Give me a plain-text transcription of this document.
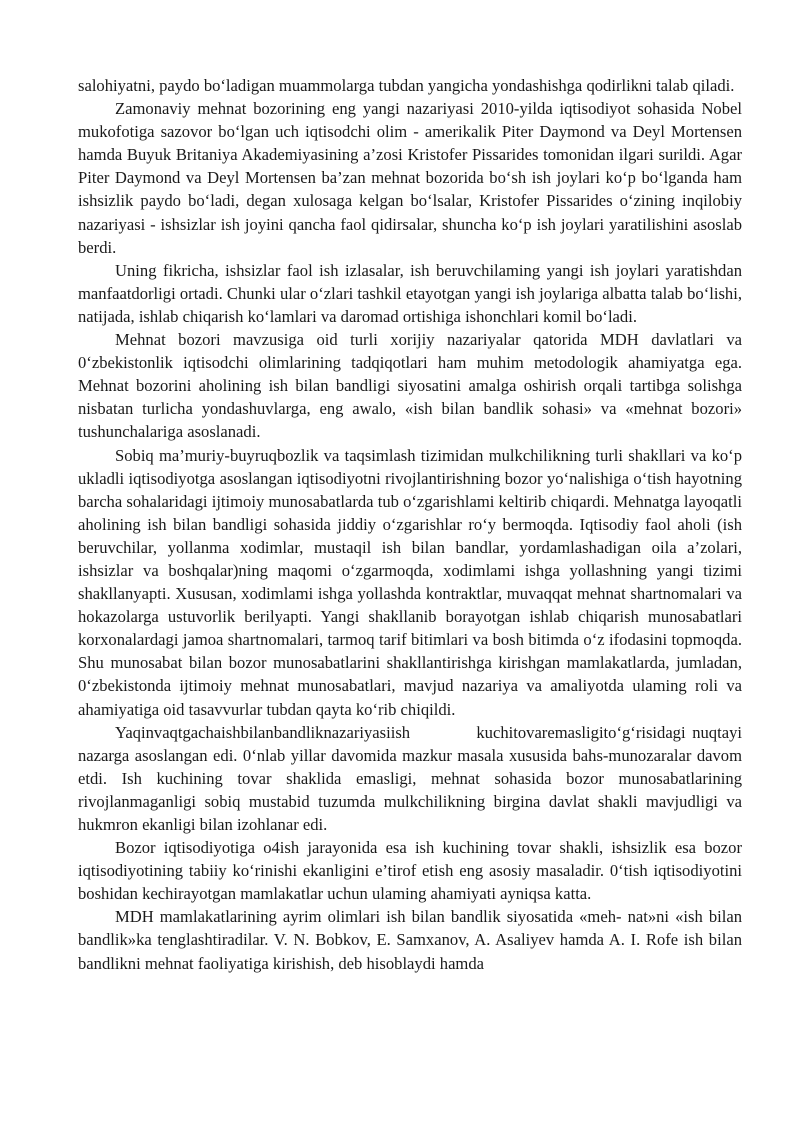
salohiyatni, paydo bo‘ladigan muammolarga tubdan yangicha yondashishga qodirlikni talab qiladi.

Zamonaviy mehnat bozorining eng yangi nazariyasi 2010-yilda iqtisodiyot sohasida Nobel mukofotiga sazovor bo‘lgan uch iqtisodchi olim - amerikalik Piter Daymond va Deyl Mortensen hamda Buyuk Britaniya Akademiyasining a’zosi Kristofer Pissarides tomonidan ilgari surildi. Agar Piter Daymond va Deyl Mortensen ba’zan mehnat bozorida bo‘sh ish joylari ko‘p bo‘lganda ham ishsizlik paydo bo‘ladi, degan xulosaga kelgan bo‘lsalar, Kristofer Pissarides o‘zining inqilobiy nazariyasi - ishsizlar ish joyini qancha faol qidirsalar, shuncha ko‘p ish joylari yaratilishini asoslab berdi.

Uning fikricha, ishsizlar faol ish izlasalar, ish beruvchilaming yangi ish joylari yaratishdan manfaatdorligi ortadi. Chunki ular o‘zlari tashkil etayotgan yangi ish joylariga albatta talab bo‘lishi, natijada, ishlab chiqarish ko‘lamlari va daromad ortishiga ishonchlari komil bo‘ladi.

Mehnat bozori mavzusiga oid turli xorijiy nazariyalar qatorida MDH davlatlari va 0‘zbekistonlik iqtisodchi olimlarining tadqiqotlari ham muhim metodologik ahamiyatga ega. Mehnat bozorini aholining ish bilan bandligi siyosatini amalga oshirish orqali tartibga solishga nisbatan turlicha yondashuvlarga, eng awalo, «ish bilan bandlik sohasi» va «mehnat bozori» tushunchalariga asoslanadi.

Sobiq ma’muriy-buyruqbozlik va taqsimlash tizimidan mulkchilikning turli shakllari va ko‘p ukladli iqtisodiyotga asoslangan iqtisodiyotni rivojlantirishning bozor yo‘nalishiga o‘tish hayotning barcha sohalaridagi ijtimoiy munosabatlarda tub o‘zgarishlami keltirib chiqardi. Mehnatga layoqatli aholining ish bilan bandligi sohasida jiddiy o‘zgarishlar ro‘y bermoqda. Iqtisodiy faol aholi (ish beruvchilar, yollanma xodimlar, mustaqil ish bilan bandlar, yordamlashadigan oila a’zolari, ishsizlar va boshqalar)ning maqomi o‘zgarmoqda, xodimlami ishga yollashning yangi tizimi shakllanyapti. Xususan, xodimlami ishga yollashda kontraktlar, muvaqqat mehnat shartnomalari va hokazolarga ustuvorlik berilyapti. Yangi shakllanib borayotgan ishlab chiqarish munosabatlari korxonalardagi jamoa shartnomalari, tarmoq tarif bitimlari va bosh bitimda o‘z ifodasini topmoqda. Shu munosabat bilan bozor munosabatlarini shakllantirishga kirishgan mamlakatlarda, jumladan, 0‘zbekistonda ijtimoiy mehnat munosabatlari, mavjud nazariya va amaliyotda ulaming roli va ahamiyatiga oid tasavvurlar tubdan qayta ko‘rib chiqildi.

Yaqinvaqtgachaishbilanbandliknazariyasiish          kuchitovaremasligito‘g‘risidagi nuqtayi nazarga asoslangan edi. 0‘nlab yillar davomida mazkur masala xususida bahs-munozaralar davom etdi. Ish kuchining tovar shaklida emasligi, mehnat sohasida bozor munosabatlarining rivojlanmaganligi sobiq mustabid tuzumda mulkchilikning birgina davlat shakli mavjudligi va hukmron ekanligi bilan izohlanar edi.

Bozor iqtisodiyotiga o4ish jarayonida esa ish kuchining tovar shakli, ishsizlik esa bozor iqtisodiyotining tabiiy ko‘rinishi ekanligini e’tirof etish eng asosiy masaladir. 0‘tish iqtisodiyotini boshidan kechirayotgan mamlakatlar uchun ulaming ahamiyati ayniqsa katta.

MDH mamlakatlarining ayrim olimlari ish bilan bandlik siyosatida «meh- nat»ni «ish bilan bandlik»ka tenglashtiradilar. V. N. Bobkov, E. Samxanov, A. Asaliyev hamda A. I. Rofe ish bilan bandlikni mehnat faoliyatiga kirishish, deb hisoblaydi hamda
